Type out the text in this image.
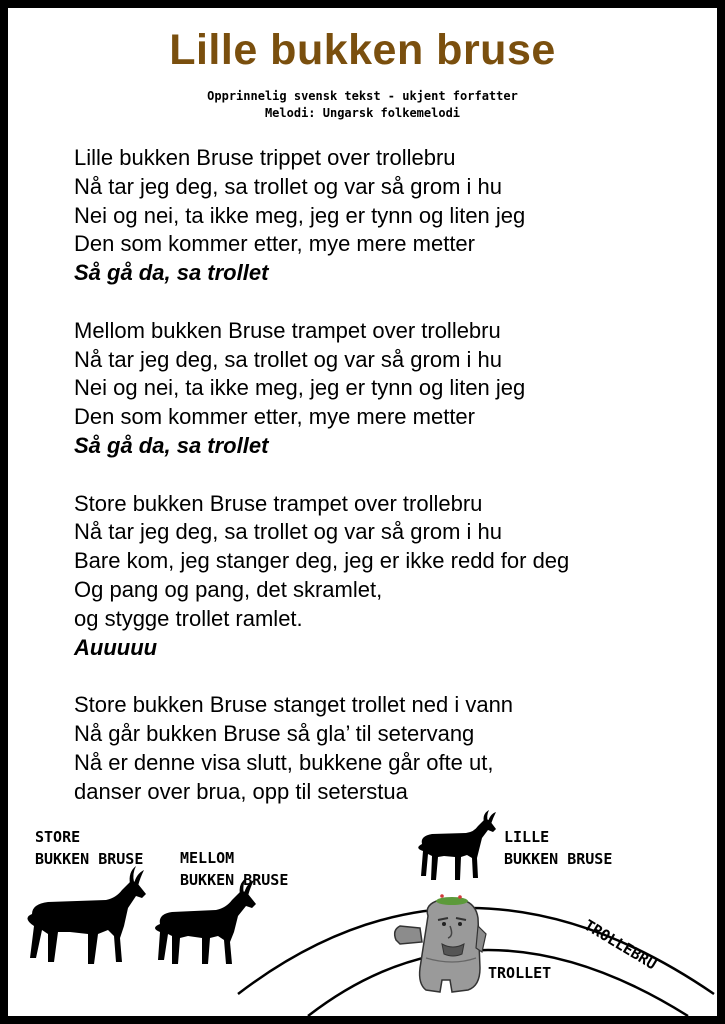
Lille bukken bruse
Opprinnelig svensk tekst - ukjent forfatter
Melodi: Ungarsk folkemelodi
Lille bukken Bruse trippet over trollebru
Nå tar jeg deg, sa trollet og var så grom i hu
Nei og nei, ta ikke meg, jeg er tynn og liten jeg
Den som kommer etter, mye mere metter
Så gå da, sa trollet
Mellom bukken Bruse trampet over trollebru
Nå tar jeg deg, sa trollet og var så grom i hu
Nei og nei, ta ikke meg, jeg er tynn og liten jeg
Den som kommer etter, mye mere metter
Så gå da, sa trollet
Store bukken Bruse trampet over trollebru
Nå tar jeg deg, sa trollet og var så grom i hu
Bare kom, jeg stanger deg, jeg er ikke redd for deg
Og pang og pang, det skramlet,
og stygge trollet ramlet.
Auuuuu
Store bukken Bruse stanget trollet ned i vann
Nå går bukken Bruse så gla’ til setervang
Nå er denne visa slutt, bukkene går ofte ut,
danser over brua, opp til seterstua
TROLLEBRU
STORE
BUKKEN BRUSE MELLOM
BUKKEN BRUSE
LILLE
BUKKEN BRUSE
TROLLET
